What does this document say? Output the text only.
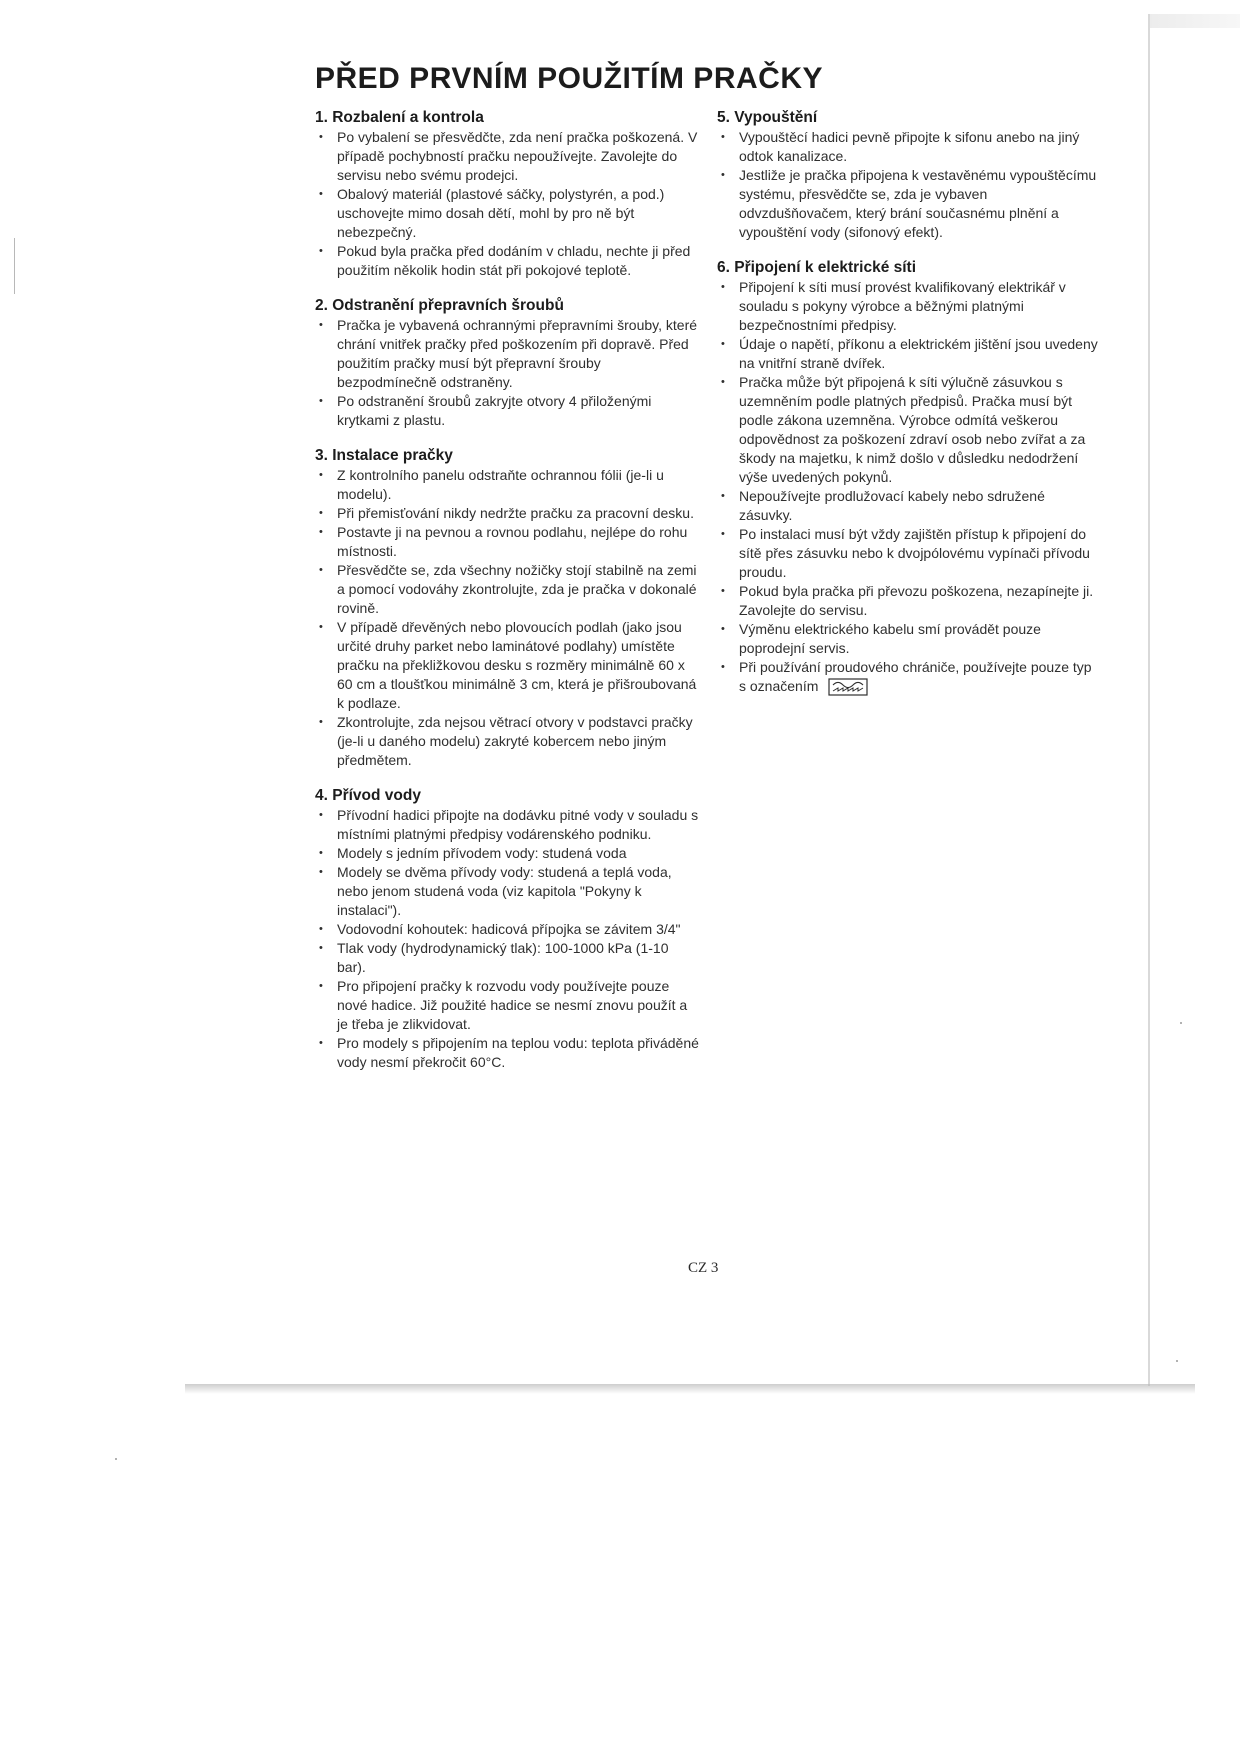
PŘED PRVNÍM POUŽITÍM PRAČKY
1. Rozbalení a kontrola
• Po vybalení se přesvědčte, zda není pračka poškozená. V případě pochybností pračku nepoužívejte. Zavolejte do servisu nebo svému prodejci.
• Obalový materiál (plastové sáčky, polystyrén, a pod.) uschovejte mimo dosah dětí, mohl by pro ně být nebezpečný.
• Pokud byla pračka před dodáním v chladu, nechte ji před použitím několik hodin stát při pokojové teplotě.
2. Odstranění přepravních šroubů
• Pračka je vybavená ochrannými přepravními šrouby, které chrání vnitřek pračky před poškozením při dopravě. Před použitím pračky musí být přepravní šrouby bezpodmínečně odstraněny.
• Po odstranění šroubů zakryjte otvory 4 přiloženými krytkami z plastu.
3. Instalace pračky
• Z kontrolního panelu odstraňte ochrannou fólii (je-li u modelu).
• Při přemisťování nikdy nedržte pračku za pracovní desku.
• Postavte ji na pevnou a rovnou podlahu, nejlépe do rohu místnosti.
• Přesvědčte se, zda všechny nožičky stojí stabilně na zemi a pomocí vodováhy zkontrolujte, zda je pračka v dokonalé rovině.
• V případě dřevěných nebo plovoucích podlah (jako jsou určité druhy parket nebo laminátové podlahy) umístěte pračku na překližkovou desku s rozměry minimálně 60 x 60 cm a tloušťkou minimálně 3 cm, která je přišroubovaná k podlaze.
• Zkontrolujte, zda nejsou větrací otvory v podstavci pračky (je-li u daného modelu) zakryté kobercem nebo jiným předmětem.
4. Přívod vody
• Přívodní hadici připojte na dodávku pitné vody v souladu s místními platnými předpisy vodárenského podniku.
• Modely s jedním přívodem vody: studená voda
• Modely se dvěma přívody vody: studená a teplá voda, nebo jenom studená voda (viz kapitola "Pokyny k instalaci").
• Vodovodní kohoutek: hadicová přípojka se závitem 3/4"
• Tlak vody (hydrodynamický tlak): 100-1000 kPa (1-10 bar).
• Pro připojení pračky k rozvodu vody používejte pouze nové hadice. Již použité hadice se nesmí znovu použít a je třeba je zlikvidovat.
• Pro modely s připojením na teplou vodu: teplota přiváděné vody nesmí překročit 60°C.
5. Vypouštění
• Vypouštěcí hadici pevně připojte k sifonu anebo na jiný odtok kanalizace.
• Jestliže je pračka připojena k vestavěnému vypouštěcímu systému, přesvědčte se, zda je vybaven odvzdušňovačem, který brání současnému plnění a vypouštění vody (sifonový efekt).
6. Připojení k elektrické síti
• Připojení k síti musí provést kvalifikovaný elektrikář v souladu s pokyny výrobce a běžnými platnými bezpečnostními předpisy.
• Údaje o napětí, příkonu a elektrickém jištění jsou uvedeny na vnitřní straně dvířek.
• Pračka může být připojená k síti výlučně zásuvkou s uzemněním podle platných předpisů. Pračka musí být podle zákona uzemněna. Výrobce odmítá veškerou odpovědnost za poškození zdraví osob nebo zvířat a za škody na majetku, k nimž došlo v důsledku nedodržení výše uvedených pokynů.
• Nepoužívejte prodlužovací kabely nebo sdružené zásuvky.
• Po instalaci musí být vždy zajištěn přístup k připojení do sítě přes zásuvku nebo k dvojpólovému vypínači přívodu proudu.
• Pokud byla pračka při převozu poškozena, nezapínejte ji. Zavolejte do servisu.
• Výměnu elektrického kabelu smí provádět pouze poprodejní servis.
• Při používání proudového chrániče, používejte pouze typ s označením
CZ 3
